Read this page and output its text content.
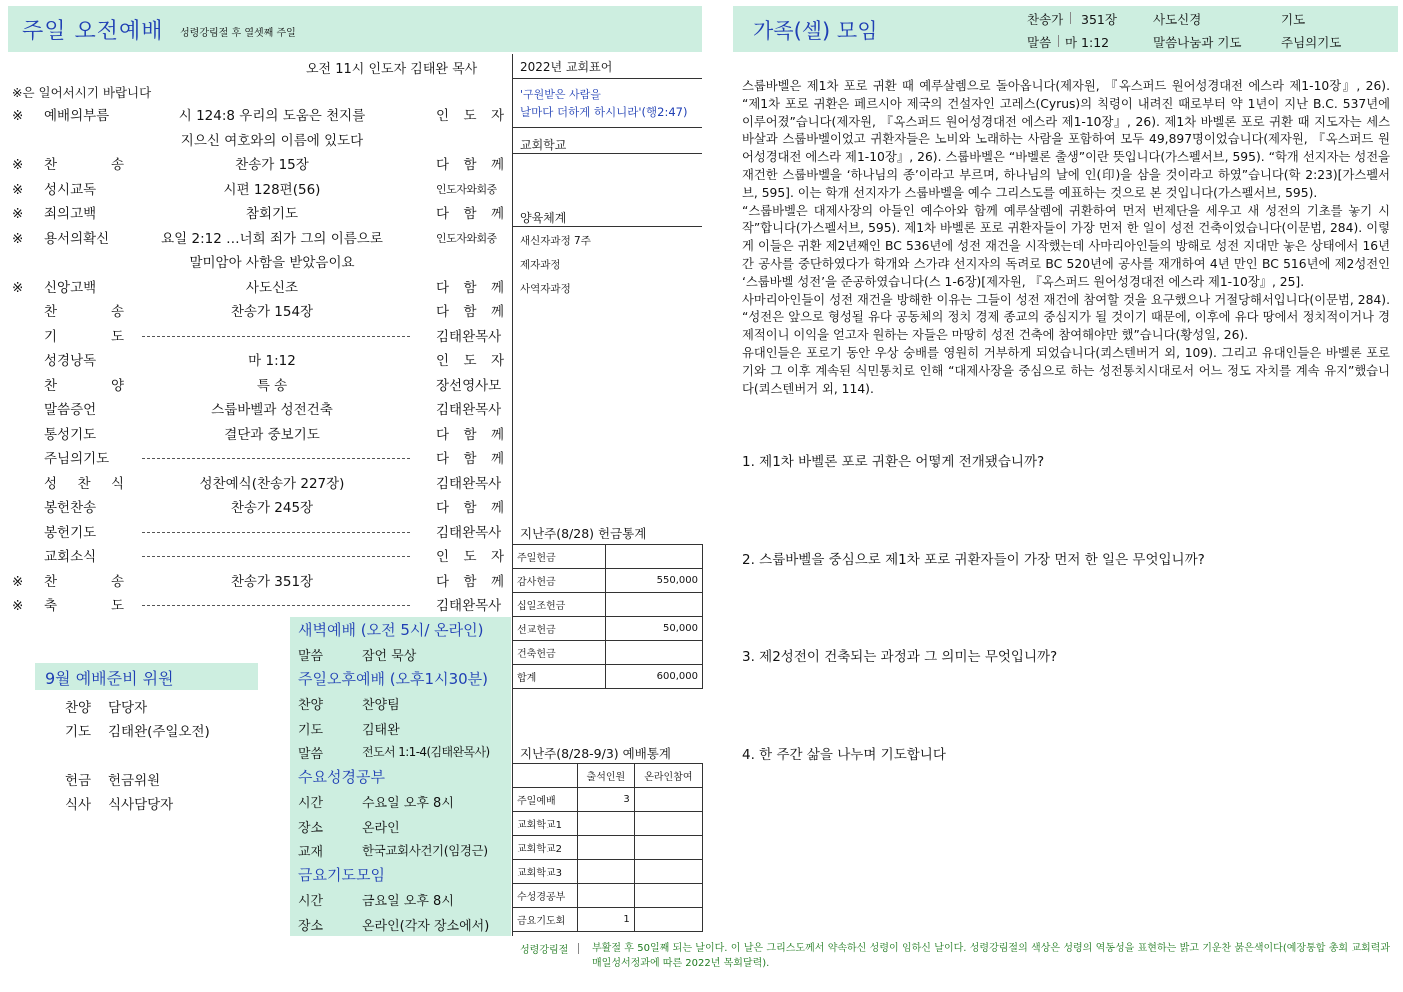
주일 오전예배 성령강림절 후 열셋째 주일
오전 11시 인도자 김태완 목사
※은 일어서시기 바랍니다
※ 예배의부름	시 124:8 우리의 도움은 천지를	인 도 자
지으신 여호와의 이름에 있도다
※ 찬 송	찬송가 15장	다 함 께
※ 성시교독	시편 128편(56)	인도자와회중
※ 죄의고백	참회기도	다 함 께
※ 용서의확신	요일 2:12 …너희 죄가 그의 이름으로	인도자와회중
말미암아 사함을 받았음이요
※ 신앙고백	사도신조	다 함 께
찬 송	찬송가 154장	다 함 께
기 도	김태완목사
성경낭독	마 1:12	인 도 자
찬 양	특 송	장선영사모
말씀증언	스룹바벨과 성전건축	김태완목사
통성기도	결단과 중보기도	다 함 께
주님의기도	다 함 께
성 찬 식	성찬예식(찬송가 227장)	김태완목사
봉헌찬송	찬송가 245장	다 함 께
봉헌기도	김태완목사
교회소식	인 도 자
※ 찬 송	찬송가 351장	다 함 께
※ 축 도	김태완목사
2022년 교회표어
'구원받은 사람을
날마다 더하게 하시니라'(행2:47)
교회학교
양육체계
새신자과정 7주
제자과정
사역자과정
지난주(8/28) 헌금통계
주일헌금	
감사헌금	550,000
십일조헌금	
선교헌금	50,000
건축헌금	
합계	600,000
지난주(8/28-9/3) 예배통계
	출석인원	온라인참여
주일예배	3	
교회학교1		
교회학교2		
교회학교3		
수성경공부		
금요기도회	1	
9월 예배준비 위원
찬양 담당자
기도 김태완(주일오전)
헌금 헌금위원
식사 식사담당자
새벽예배 (오전 5시/ 온라인)
말씀	잠언 묵상
주일오후예배 (오후1시30분)
찬양	찬양팀
기도	김태완
말씀	전도서 1:1-4(김태완목사)
수요성경공부
시간	수요일 오후 8시
장소	온라인
교재	한국교회사건기(임경근)
금요기도모임
시간	금요일 오후 8시
장소	온라인(각자 장소에서)
가족(셀) 모임	찬송가 351장	사도신경	기도
말씀 마 1:12	말씀나눔과 기도	주님의기도

스룹바벨은 제1차 포로 귀환 때 예루살렘으로 돌아옵니다(제자원, 『옥스퍼드 원어성경대전 에스라 제1-10장』, 26). “제1차 포로 귀환은 페르시아 제국의 건설자인 고레스(Cyrus)의 칙령이 내려진 때로부터 약 1년이 지난 B.C. 537년에 이루어졌”습니다(제자원, 『옥스퍼드 원어성경대전 에스라 제1-10장』, 26). 제1차 바벨론 포로 귀환 때 지도자는 세스바살과 스룹바벨이었고 귀환자들은 노비와 노래하는 사람을 포함하여 모두 49,897명이었습니다(제자원, 『옥스퍼드 원어성경대전 에스라 제1-10장』, 26). 스룹바벨은 “바벨론 출생”이란 뜻입니다(가스펠서브, 595). “학개 선지자는 성전을 재건한 스룹바벨을 ‘하나님의 종’이라고 부르며, 하나님의 날에 인(印)을 삼을 것이라고 하였”습니다(학 2:23)[가스펠서브, 595]. 이는 학개 선지자가 스룹바벨을 예수 그리스도를 예표하는 것으로 본 것입니다(가스펠서브, 595).

“스룹바벨은 대제사장의 아들인 예수아와 함께 예루살렘에 귀환하여 먼저 번제단을 세우고 새 성전의 기초를 놓기 시작”합니다(가스펠서브, 595). 제1차 바벨론 포로 귀환자들이 가장 먼저 한 일이 성전 건축이었습니다(이문범, 284). 이렇게 이들은 귀환 제2년째인 BC 536년에 성전 재건을 시작했는데 사마리아인들의 방해로 성전 지대만 놓은 상태에서 16년간 공사를 중단하였다가 학개와 스가랴 선지자의 독려로 BC 520년에 공사를 재개하여 4년 만인 BC 516년에 제2성전인 ‘스룹바벨 성전’을 준공하였습니다(스 1-6장)[제자원, 『옥스퍼드 원어성경대전 에스라 제1-10장』, 25].

사마리아인들이 성전 재건을 방해한 이유는 그들이 성전 재건에 참여할 것을 요구했으나 거절당해서입니다(이문범, 284). “성전은 앞으로 형성될 유다 공동체의 정치 경제 종교의 중심지가 될 것이기 때문에, 이후에 유다 땅에서 정치적이거나 경제적이니 이익을 얻고자 원하는 자들은 마땅히 성전 건축에 참여해야만 했”습니다(황성일, 26).

유대인들은 포로기 동안 우상 숭배를 영원히 거부하게 되었습니다(쾨스텐버거 외, 109). 그리고 유대인들은 바벨론 포로기와 그 이후 계속된 식민통치로 인해 “대제사장을 중심으로 하는 성전통치시대로서 어느 정도 자치를 계속 유지”했습니다(쾨스텐버거 외, 114).

1. 제1차 바벨론 포로 귀환은 어떻게 전개됐습니까?
2. 스룹바벨을 중심으로 제1차 포로 귀환자들이 가장 먼저 한 일은 무엇입니까?
3. 제2성전이 건축되는 과정과 그 의미는 무엇입니까?
4. 한 주간 삶을 나누며 기도합니다
성령강림절 부활절 후 50일째 되는 날이다. 이 날은 그리스도께서 약속하신 성령이 임하신 날이다. 성령강림절의 색상은 성령의 역동성을 표현하는 밝고 기운찬 붉은색이다(예장통합 총회 교회력과 매일성서정과에 따른 2022년 목회달력).
